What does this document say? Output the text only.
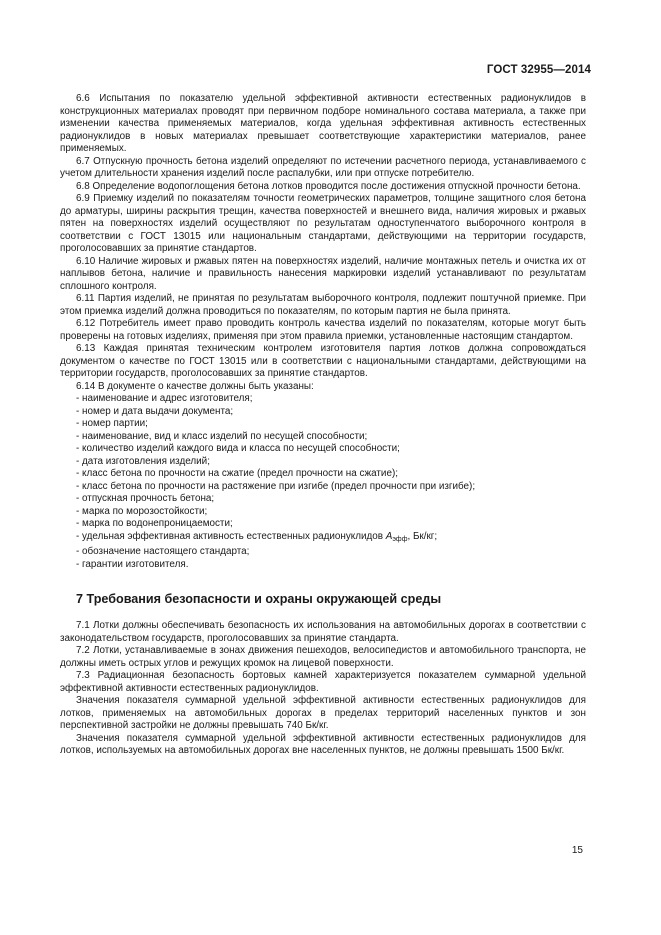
ГОСТ 32955—2014

6.6 Испытания по показателю удельной эффективной активности естественных радионуклидов в конструкционных материалах проводят при первичном подборе номинального состава материала, а также при изменении качества применяемых материалов, когда удельная эффективная активность естественных радионуклидов в новых материалах превышает соответствующие характеристики материалов, ранее применяемых.

6.7 Отпускную прочность бетона изделий определяют по истечении расчетного периода, устанавливаемого с учетом длительности хранения изделий после распалубки, или при отпуске потребителю.

6.8 Определение водопоглощения бетона лотков проводится после достижения отпускной прочности бетона.

6.9 Приемку изделий по показателям точности геометрических параметров, толщине защитного слоя бетона до арматуры, ширины раскрытия трещин, качества поверхностей и внешнего вида, наличия жировых и ржавых пятен на поверхностях изделий осуществляют по результатам одноступенчатого выборочного контроля в соответствии с ГОСТ 13015 или национальным стандартами, действующими на территории государств, проголосовавших за принятие стандартов.

6.10 Наличие жировых и ржавых пятен на поверхностях изделий, наличие монтажных петель и очистка их от наплывов бетона, наличие и правильность нанесения маркировки изделий устанавливают по результатам сплошного контроля.

6.11 Партия изделий, не принятая по результатам выборочного контроля, подлежит поштучной приемке. При этом приемка изделий должна проводиться по показателям, по которым партия не была принята.

6.12 Потребитель имеет право проводить контроль качества изделий по показателям, которые могут быть проверены на готовых изделиях, применяя при этом правила приемки, установленные настоящим стандартом.

6.13 Каждая принятая техническим контролем изготовителя партия лотков должна сопровождаться документом о качестве по ГОСТ 13015 или в соответствии с национальными стандартами, действующими на территории государств, проголосовавших за принятие стандартов.

6.14 В документе о качестве должны быть указаны:

- наименование и адрес изготовителя;

- номер и дата выдачи документа;

- номер партии;

- наименование, вид и класс изделий по несущей способности;

- количество изделий каждого вида и класса по несущей способности;

- дата изготовления изделий;

- класс бетона по прочности на сжатие (предел прочности на сжатие);

- класс бетона по прочности на растяжение при изгибе (предел прочности при изгибе);

- отпускная прочность бетона;

- марка по морозостойкости;

- марка по водонепроницаемости;

- удельная эффективная активность естественных радионуклидов $A_{эфф}$, Бк/кг;

- обозначение настоящего стандарта;

- гарантии изготовителя.

7 Требования безопасности и охраны окружающей среды

7.1 Лотки должны обеспечивать безопасность их использования на автомобильных дорогах в соответствии с законодательством государств, проголосовавших за принятие стандарта.

7.2 Лотки, устанавливаемые в зонах движения пешеходов, велосипедистов и автомобильного транспорта, не должны иметь острых углов и режущих кромок на лицевой поверхности.

7.3 Радиационная безопасность бортовых камней характеризуется показателем суммарной удельной эффективной активности естественных радионуклидов.

Значения показателя суммарной удельной эффективной активности естественных радионуклидов для лотков, применяемых на автомобильных дорогах в пределах территорий населенных пунктов и зон перспективной застройки не должны превышать 740 Бк/кг.

Значения показателя суммарной удельной эффективной активности естественных радионуклидов для лотков, используемых на автомобильных дорогах вне населенных пунктов, не должны превышать 1500 Бк/кг.

15
